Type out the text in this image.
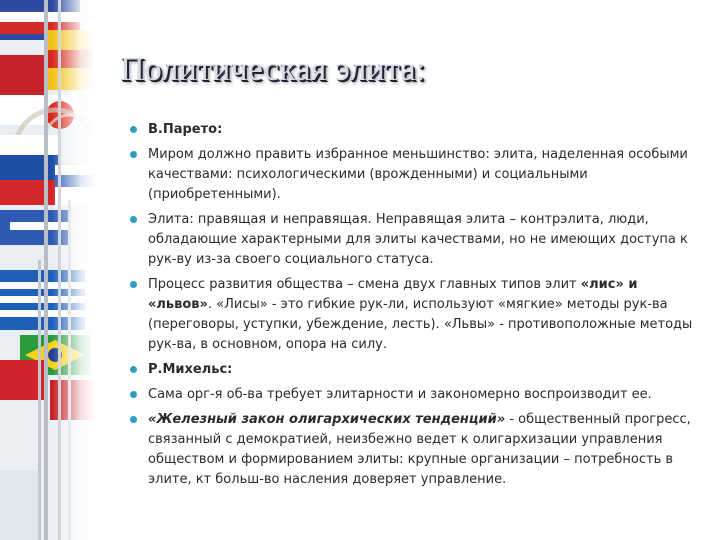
Политическая элита:
В.Парето:
Миром должно править избранное меньшинство: элита, наделенная особыми качествами: психологическими (врожденными) и социальными (приобретенными).
Элита: правящая и неправящая. Неправящая элита – контрэлита, люди, обладающие характерными для элиты качествами, но не имеющих доступа к рук-ву из-за своего социального статуса.
Процесс развития общества – смена двух главных типов элит «лис» и «львов». «Лисы» - это гибкие рук-ли, используют «мягкие» методы рук-ва (переговоры, уступки, убеждение, лесть). «Львы» - противоположные методы рук-ва, в основном, опора на силу.
Р.Михельс:
Сама орг-я об-ва требует элитарности и закономерно воспроизводит ее.
«Железный закон олигархических тенденций» - общественный прогресс, связанный с демократией, неизбежно ведет к олигархизации управления обществом и формированием элиты: крупные организации – потребность в элите, кт больш-во насления доверяет управление.
